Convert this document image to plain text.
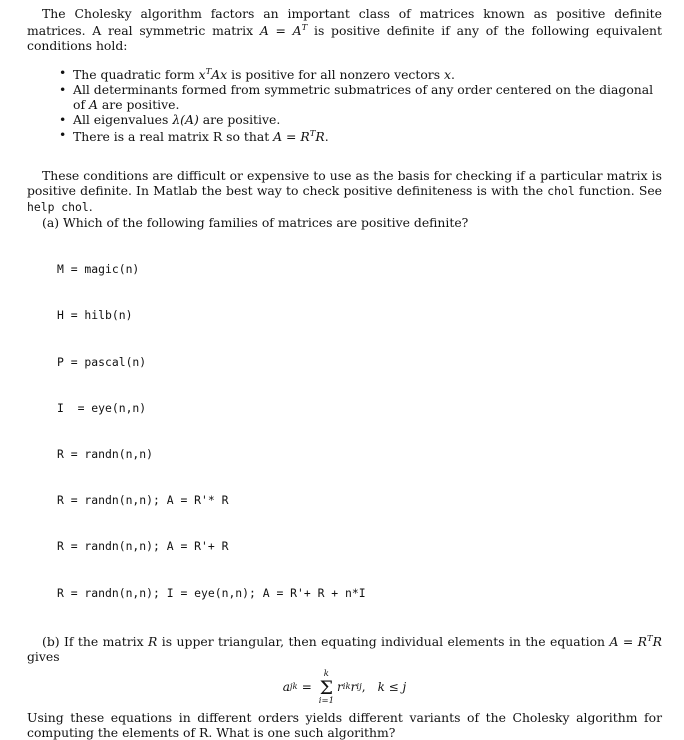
The Cholesky algorithm factors an important class of matrices known as positive definite matrices. A real symmetric matrix $A = A^T$ is positive definite if any of the following equivalent conditions hold:

• The quadratic form $x^TAx$ is positive for all nonzero vectors x.
• All determinants formed from symmetric submatrices of any order centered on the diagonal of A are positive.
• All eigenvalues λ(A) are positive.
• There is a real matrix R so that $A = R^TR$.

These conditions are difficult or expensive to use as the basis for checking if a particular matrix is positive definite. In Matlab the best way to check positive definiteness is with the chol function. See help chol.

(a) Which of the following families of matrices are positive definite?

M = magic(n)

H = hilb(n)

P = pascal(n)

I  = eye(n,n)

R = randn(n,n)

R = randn(n,n); A = R'* R

R = randn(n,n); A = R'+ R

R = randn(n,n); I = eye(n,n); A = R'+ R + n*I

(b) If the matrix R is upper triangular, then equating individual elements in the equation $A = R^TR$ gives

a jk =
k
Σ
i=1
r ik r ij , k ≤ j

Using these equations in different orders yields different variants of the Cholesky algorithm for computing the elements of R. What is one such algorithm?
